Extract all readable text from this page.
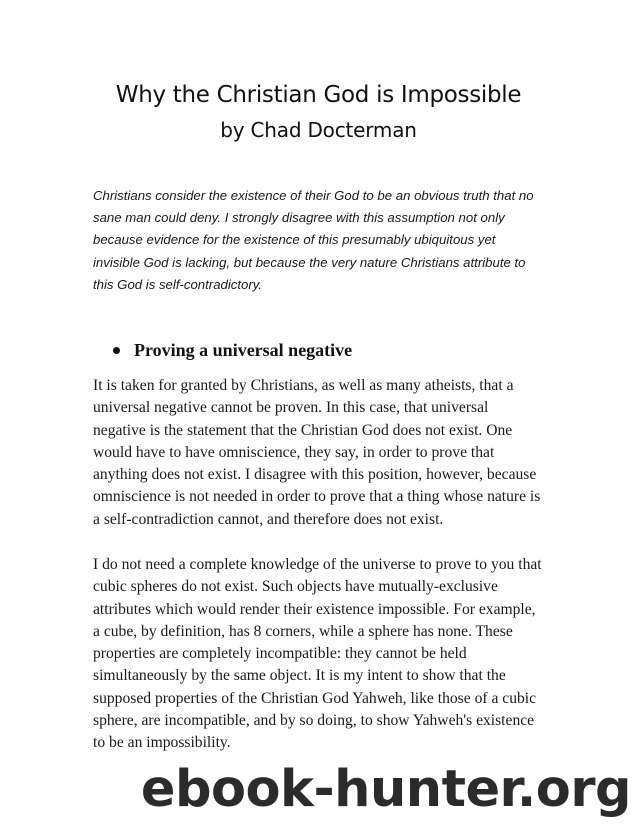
Why the Christian God is Impossible
by Chad Docterman

Christians consider the existence of their God to be an obvious truth that no sane man could deny. I strongly disagree with this assumption not only because evidence for the existence of this presumably ubiquitous yet invisible God is lacking, but because the very nature Christians attribute to this God is self-contradictory.

Proving a universal negative

It is taken for granted by Christians, as well as many atheists, that a universal negative cannot be proven. In this case, that universal negative is the statement that the Christian God does not exist. One would have to have omniscience, they say, in order to prove that anything does not exist. I disagree with this position, however, because omniscience is not needed in order to prove that a thing whose nature is a self-contradiction cannot, and therefore does not exist.

I do not need a complete knowledge of the universe to prove to you that cubic spheres do not exist. Such objects have mutually-exclusive attributes which would render their existence impossible. For example, a cube, by definition, has 8 corners, while a sphere has none. These properties are completely incompatible: they cannot be held simultaneously by the same object. It is my intent to show that the supposed properties of the Christian God Yahweh, like those of a cubic sphere, are incompatible, and by so doing, to show Yahweh's existence to be an impossibility.

ebook-hunter.org
